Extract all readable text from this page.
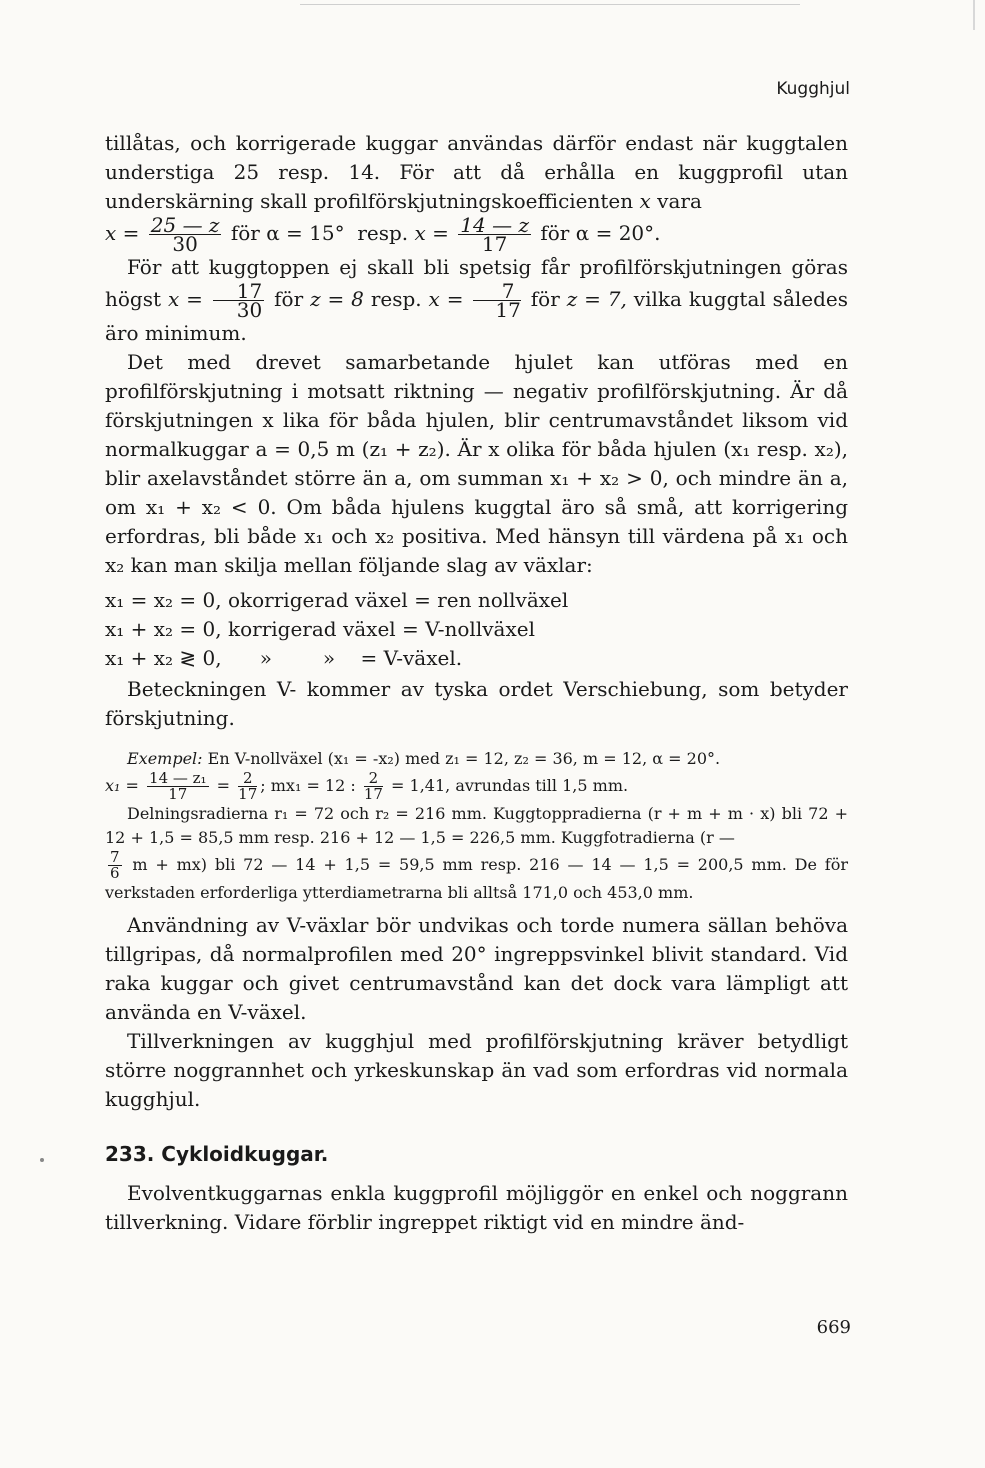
Kugghjul

tillåtas, och korrigerade kuggar användas därför endast när kuggtalen understiga 25 resp. 14. För att då erhålla en kuggprofil utan underskärning skall profilförskjutningskoefficienten x vara

$x = \frac{25 — z}{30}$ för α = 15° resp. $x = \frac{14 — z}{17}$ för α = 20°.

För att kuggtoppen ej skall bli spetsig får profilförskjutningen göras högst $x = \frac{17}{30}$ för z = 8 resp. $x = \frac{7}{17}$ för z = 7, vilka kuggtal således äro minimum.

Det med drevet samarbetande hjulet kan utföras med en profilförskjutning i motsatt riktning — negativ profilförskjutning. Är då förskjutningen x lika för båda hjulen, blir centrumavståndet liksom vid normalkuggar a = 0,5 m (z₁ + z₂). Är x olika för båda hjulen (x₁ resp. x₂), blir axelavståndet större än a, om summan x₁ + x₂ > 0, och mindre än a, om x₁ + x₂ < 0. Om båda hjulens kuggtal äro så små, att korrigering erfordras, bli både x₁ och x₂ positiva. Med hänsyn till värdena på x₁ och x₂ kan man skilja mellan följande slag av växlar:

x₁ = x₂ = 0, okorrigerad växel = ren nollväxel

x₁ + x₂ = 0, korrigerad växel = V-nollväxel

x₁ + x₂ ≷ 0,      »        »    = V-växel.

Beteckningen V- kommer av tyska ordet Verschiebung, som betyder förskjutning.

Exempel: En V-nollväxel (x₁ = -x₂) med z₁ = 12, z₂ = 36, m = 12, α = 20°.

$x_1 = \frac{\text{14 — z₁}}{17} = \frac{2}{17}$ ; mx₁ = 12 : $\frac{2}{17} = 1,41$, avrundas till 1,5 mm.

Delningsradierna r₁ = 72 och r₂ = 216 mm. Kuggtoppradierna (r + m + m · x) bli 72 + 12 + 1,5 = 85,5 mm resp. 216 + 12 — 1,5 = 226,5 mm. Kuggfotradierna (r —

$\frac{7}{6}$ m + mx) bli 72 — 14 + 1,5 = 59,5 mm resp. 216 — 14 — 1,5 = 200,5 mm. De för verkstaden erforderliga ytterdiametrarna bli alltså 171,0 och 453,0 mm.

Användning av V-växlar bör undvikas och torde numera sällan behöva tillgripas, då normalprofilen med 20° ingreppsvinkel blivit standard. Vid raka kuggar och givet centrumavstånd kan det dock vara lämpligt att använda en V-växel.

Tillverkningen av kugghjul med profilförskjutning kräver betydligt större noggrannhet och yrkeskunskap än vad som erfordras vid normala kugghjul.

233. Cykloidkuggar.

Evolventkuggarnas enkla kuggprofil möjliggör en enkel och noggrann tillverkning. Vidare förblir ingreppet riktigt vid en mindre änd-

669
